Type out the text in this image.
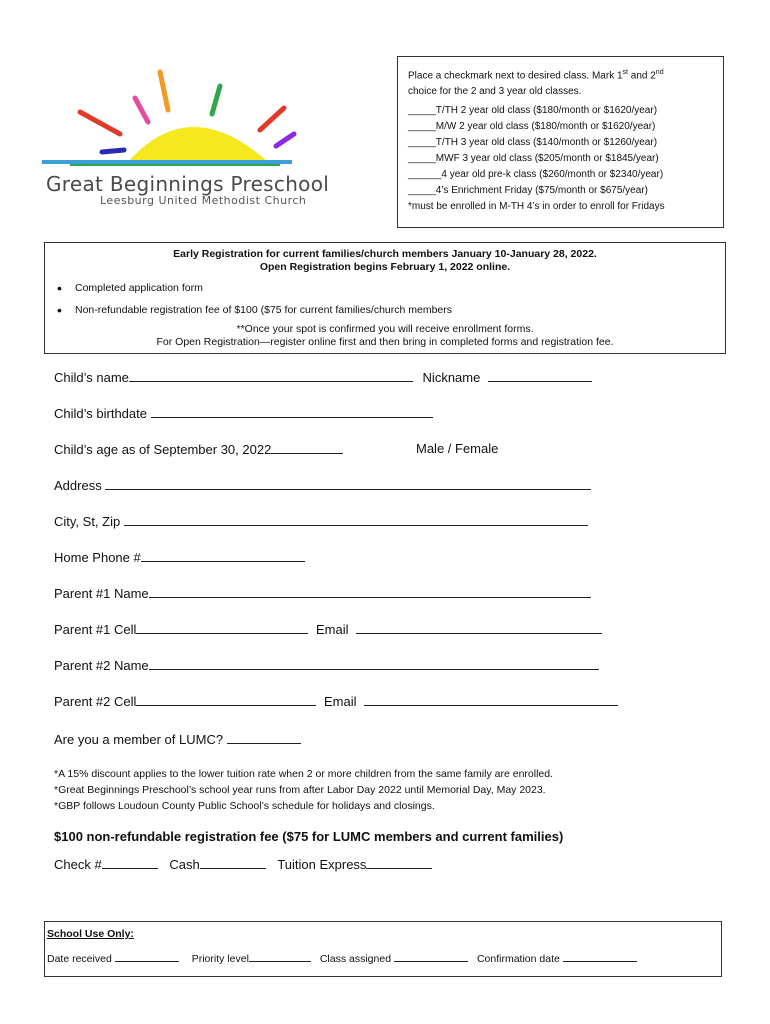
Great Beginnings Preschool
Leesburg United Methodist Church
Place a checkmark next to desired class. Mark 1st and 2nd
choice for the 2 and 3 year old classes.
_____T/TH 2 year old class ($180/month or $1620/year)
_____M/W 2 year old class ($180/month or $1620/year)
_____T/TH 3 year old class ($140/month or $1260/year)
_____MWF 3 year old class ($205/month or $1845/year)
______4 year old pre-k class ($260/month or $2340/year)
_____4’s Enrichment Friday ($75/month or $675/year)
*must be enrolled in M-TH 4’s in order to enroll for Fridays
Early Registration for current families/church members January 10-January 28, 2022.
Open Registration begins February 1, 2022 online.
• Completed application form
• Non-refundable registration fee of $100 ($75 for current families/church members
**Once your spot is confirmed you will receive enrollment forms.
For Open Registration—register online first and then bring in completed forms and registration fee.
Child’s name	Nickname
Child’s birthdate
Child’s age as of September 30, 2022	Male / Female
Address
City, St, Zip
Home Phone #
Parent #1 Name
Parent #1 Cell	Email
Parent #2 Name
Parent #2 Cell	Email
Are you a member of LUMC?
*A 15% discount applies to the lower tuition rate when 2 or more children from the same family are enrolled.
*Great Beginnings Preschool’s school year runs from after Labor Day 2022 until Memorial Day, May 2023.
*GBP follows Loudoun County Public School’s schedule for holidays and closings.
$100 non-refundable registration fee ($75 for LUMC members and current families)
Check #	Cash	Tuition Express
School Use Only:
Date received	Priority level	Class assigned	Confirmation date
